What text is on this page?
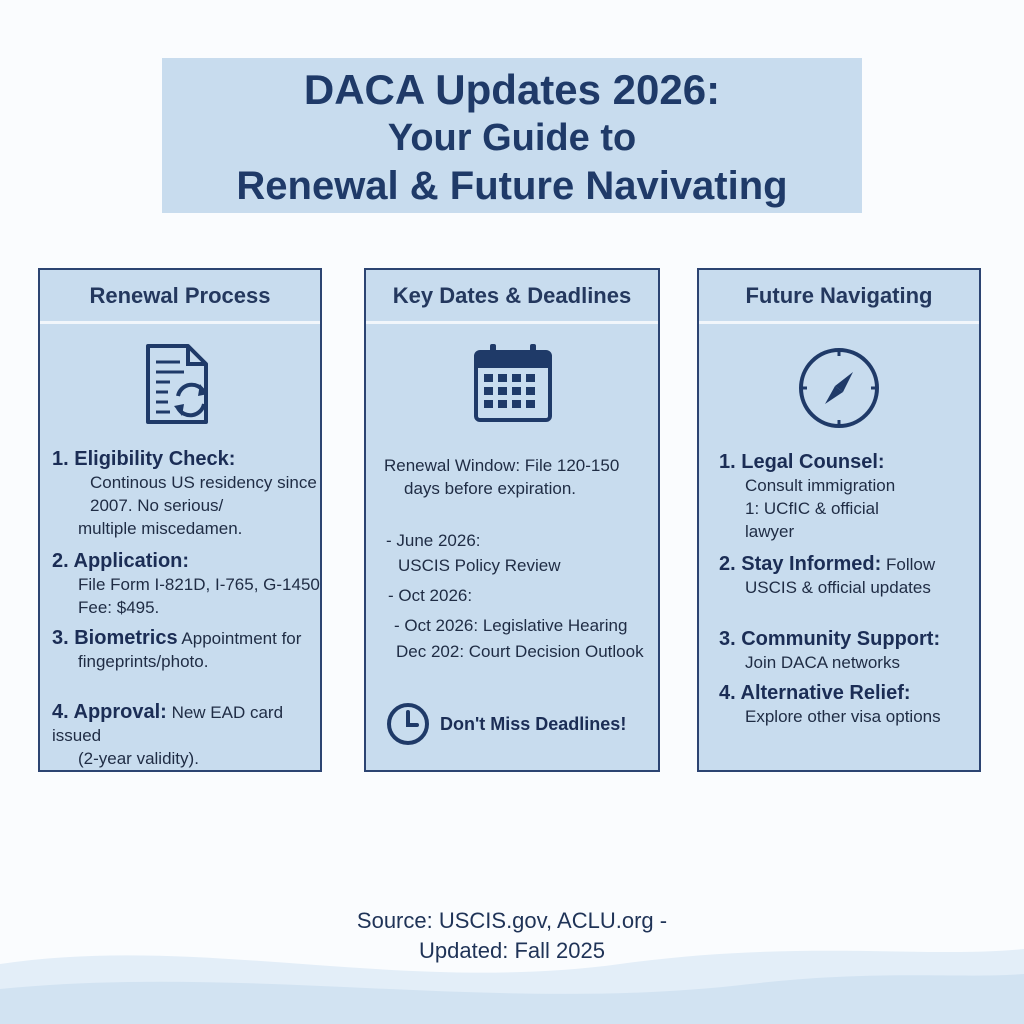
DACA Updates 2026:
Your Guide to
Renewal & Future Navivating
Renewal Process
1. Eligibility Check:
Continous US residency since
2007. No serious/
multiple miscedamen.
2. Application:
File Form I-821D, I-765, G-1450
Fee: $495.
3. Biometrics Appointment for
fingeprints/photo.
4. Approval: New EAD card issued
(2-year validity).
Key Dates & Deadlines
Renewal Window: File 120-150
days before expiration.
- June 2026:
USCIS Policy Review
- Oct 2026:
- Oct 2026: Legislative Hearing
Dec 202: Court Decision Outlook
Don't Miss Deadlines!
Future Navigating
1. Legal Counsel:
Consult immigration
1: UCfIC & official
lawyer
2. Stay Informed: Follow
USCIS & official updates
3. Community Support:
Join DACA networks
4. Alternative Relief:
Explore other visa options
Source: USCIS.gov, ACLU.org -
Updated: Fall 2025
